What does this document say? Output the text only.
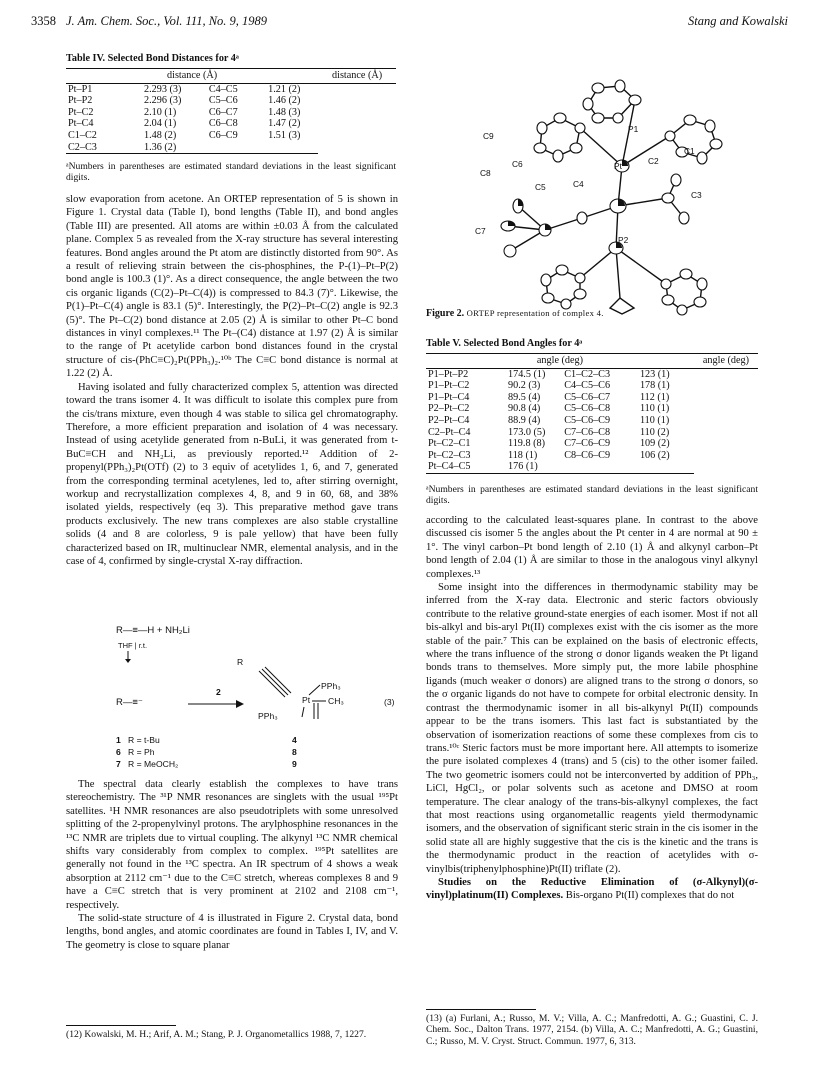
3358 J. Am. Chem. Soc., Vol. 111, No. 9, 1989	Stang and Kowalski
Table IV. Selected Bond Distances for 4ᵃ
	distance (Å)			distance (Å)
Pt–P1	2.293 (3)	C4–C5	1.21 (2)	
Pt–P2	2.296 (3)	C5–C6	1.46 (2)	
Pt–C2	2.10 (1)	C6–C7	1.48 (3)	
Pt–C4	2.04 (1)	C6–C8	1.47 (2)	
C1–C2	1.48 (2)	C6–C9	1.51 (3)	
C2–C3	1.36 (2)			
ᵃNumbers in parentheses are estimated standard deviations in the least significant digits.

slow evaporation from acetone. An ORTEP representation of 5 is shown in Figure 1. Crystal data (Table I), bond lengths (Table II), and bond angles (Table III) are presented. All atoms are within ±0.03 Å from the calculated plane. Complex 5 as revealed from the X-ray structure has several interesting features. Bond angles around the Pt atom are distinctly distorted from 90°. As a result of relieving strain between the cis-phosphines, the P-(1)–Pt–P(2) bond angle is 100.3 (1)°. As a direct consequence, the angle between the two cis organic ligands (C(2)–Pt–C(4)) is compressed to 84.3 (7)°. Likewise, the P(1)–Pt–C(4) angle is 83.1 (5)°. Interestingly, the P(2)–Pt–C(2) angle is 92.3 (5)°. The Pt–C(2) bond distance at 2.05 (2) Å is similar to other Pt–C bond distances in vinyl complexes.¹¹ The Pt–(C4) distance at 1.97 (2) Å is similar to the range of Pt acetylide carbon bond distances found in the crystal structure of cis-(PhC≡C)₂Pt(PPh₃)₂.¹⁰ᵇ The C≡C bond distance is normal at 1.22 (2) Å.

Having isolated and fully characterized complex 5, attention was directed toward the trans isomer 4. It was difficult to isolate this complex pure from the cis/trans mixture, even though 4 was stable to silica gel chromatography. Therefore, a more efficient preparation and isolation of 4 was necessary. Instead of using acetylide generated from n-BuLi, it was generated from t-BuC≡CH and NH₂Li, as previously reported.¹² Addition of 2-propenyl(PPh₃)₂Pt(OTf) (2) to 3 equiv of acetylides 1, 6, and 7, generated from the corresponding terminal acetylenes, led to, after stirring overnight, workup and recrystallization complexes 4, 8, and 9 in 60, 68, and 38% isolated yields, respectively (eq 3). This preparative method gave trans products exclusively. The new trans complexes are also stable crystalline solids (4 and 8 are colorless, 9 is pale yellow) that have been fully characterized based on IR, multinuclear NMR, elemental analysis, and in the case of 4, confirmed by single-crystal X-ray diffraction.

R—≡—H + NH₂Li
THF | r.t.
R—≡⁻
2
R
PPh₃
Pt CH₃
PPh₃
(3)
1 R = t-Bu	4
6 R = Ph	8
7 R = MeOCH₂	9

The spectral data clearly establish the complexes to have trans stereochemistry. The ³¹P NMR resonances are singlets with the usual ¹⁹⁵Pt satellites. ¹H NMR resonances are also pseudotriplets with some unresolved splitting of the 2-propenylvinyl protons. The arylphosphine resonances in the ¹³C NMR are triplets due to virtual coupling. The alkynyl ¹³C NMR chemical shifts vary considerably from complex to complex. ¹⁹⁵Pt satellites are generally not found in the ¹³C spectra. An IR spectrum of 4 shows a weak absorption at 2112 cm⁻¹ due to the C≡C stretch, whereas complexes 8 and 9 have a C≡C stretch that is very prominent at 2102 and 2108 cm⁻¹, respectively.

The solid-state structure of 4 is illustrated in Figure 2. Crystal data, bond lengths, bond angles, and atomic coordinates are found in Tables I, IV, and V. The geometry is close to square planar

(12) Kowalski, M. H.; Arif, A. M.; Stang, P. J. Organometallics 1988, 7, 1227.
C9
C8
C6
C5	C4
C7
P1
Pt	C2
C1
C3
P2
Figure 2. ORTEP representation of complex 4.
Table V. Selected Bond Angles for 4ᵃ
	angle (deg)			angle (deg)
P1–Pt–P2	174.5 (1)	C1–C2–C3	123 (1)	
P1–Pt–C2	90.2 (3)	C4–C5–C6	178 (1)	
P1–Pt–C4	89.5 (4)	C5–C6–C7	112 (1)	
P2–Pt–C2	90.8 (4)	C5–C6–C8	110 (1)	
P2–Pt–C4	88.9 (4)	C5–C6–C9	110 (1)	
C2–Pt–C4	173.0 (5)	C7–C6–C8	110 (2)	
Pt–C2–C1	119.8 (8)	C7–C6–C9	109 (2)	
Pt–C2–C3	118 (1)	C8–C6–C9	106 (2)	
Pt–C4–C5	176 (1)			
ᵃNumbers in parentheses are estimated standard deviations in the least significant digits.

according to the calculated least-squares plane. In contrast to the above discussed cis isomer 5 the angles about the Pt center in 4 are normal at 90 ± 1°. The vinyl carbon–Pt bond length of 2.10 (1) Å and alkynyl carbon–Pt bond length of 2.04 (1) Å are similar to those in the analogous vinyl alkynyl complexes.¹³

Some insight into the differences in thermodynamic stability may be inferred from the X-ray data. Electronic and steric factors obviously contribute to the relative ground-state energies of each isomer. Most if not all bis-alkyl and bis-aryl Pt(II) complexes exist with the cis isomer as the more stable of the pair.⁷ This can be explained on the basis of electronic effects, where the trans influence of the strong σ donor ligands weaken the Pt ligand bonds trans to themselves. More simply put, the more labile phosphine ligands (much weaker σ donors) are aligned trans to the strong σ donors, so the σ organic ligands do not have to compete for orbital electronic density. In contrast the thermodynamic isomer in all bis-alkynyl Pt(II) compounds appear to be the trans isomers. This last fact is substantiated by the observation of isomerization reactions of some these complexes from cis to trans.¹⁰ᶜ Steric factors must be more important here. All attempts to isomerize the pure isolated complexes 4 (trans) and 5 (cis) to the other isomer failed. The two geometric isomers could not be interconverted by addition of PPh₃, LiCl, HgCl₂, or polar solvents such as acetone and DMSO at room temperature. The clear analogy of the trans-bis-alkynyl complexes, the fact that most reactions using organometallic reagents yield thermodynamic isomers, and the observation of significant steric strain in the cis isomer in the solid state all are highly suggestive that the cis is the kinetic and the trans is the thermodynamic product in the reaction of acetylides with σ-vinylbis(triphenylphosphine)Pt(II) triflate (2).

Studies on the Reductive Elimination of (σ-Alkynyl)(σ-vinyl)platinum(II) Complexes. Bis-organo Pt(II) complexes that do not

(13) (a) Furlani, A.; Russo, M. V.; Villa, A. C.; Manfredotti, A. G.; Guastini, C. J. Chem. Soc., Dalton Trans. 1977, 2154. (b) Villa, A. C.; Manfredotti, A. G.; Guastini, C.; Russo, M. V. Cryst. Struct. Commun. 1977, 6, 313.
